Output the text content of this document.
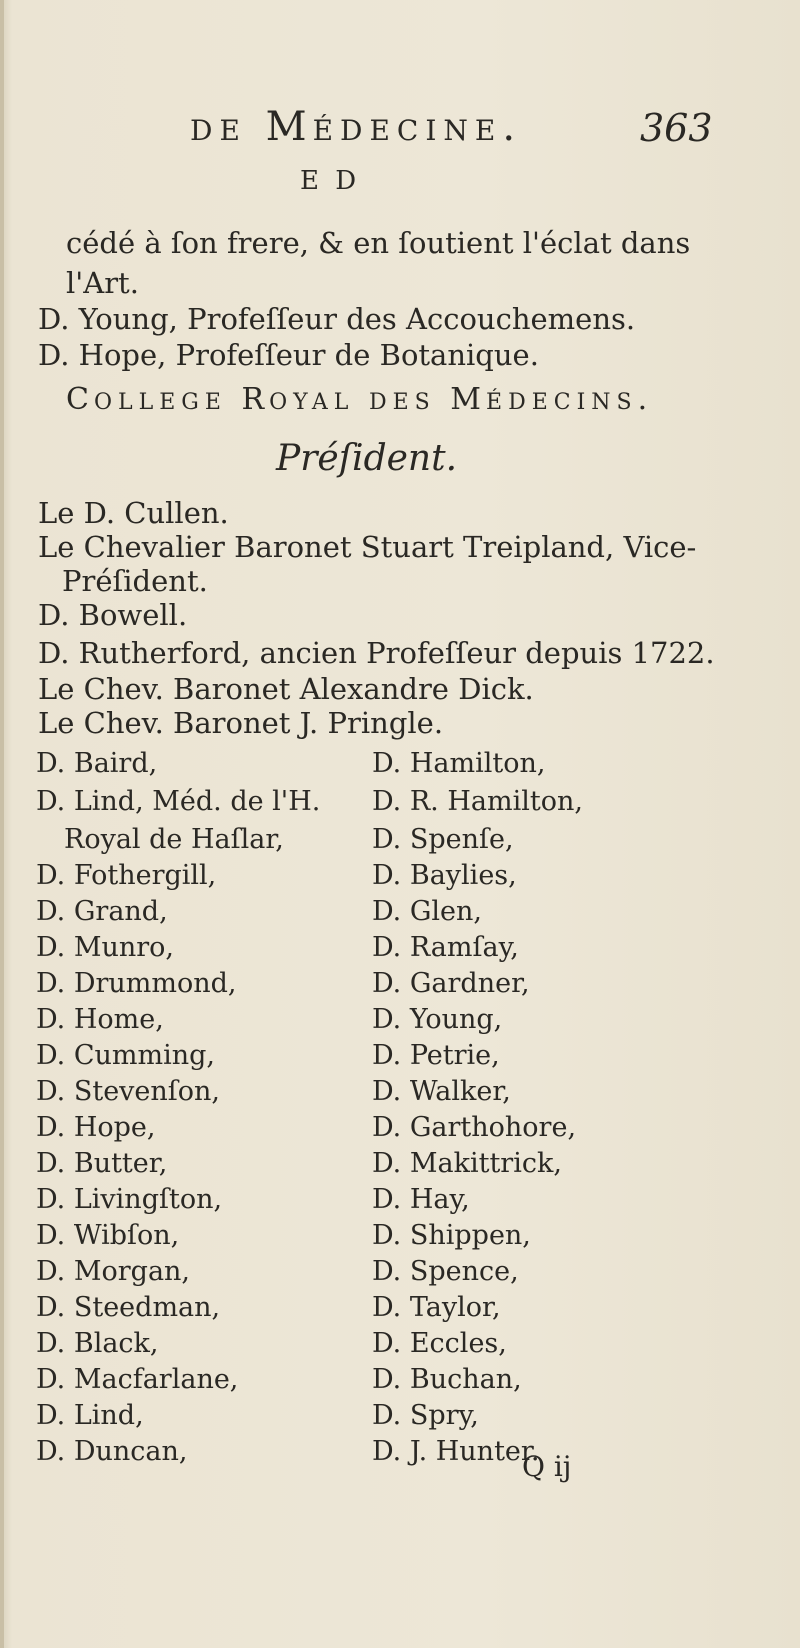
DE MÉDECINE.	363
E D
cédé à ſon frere, & en ſoutient l'éclat dans
l'Art.
D. Young, Profeſſeur des Accouchemens.
D. Hope, Profeſſeur de Botanique.
COLLEGE ROYAL DES MÉDECINS.
Préſident.
Le D. Cullen.
Le Chevalier Baronet Stuart Treipland, Vice-
Préſident.
D. Bowell.
D. Rutherford, ancien Profeſſeur depuis 1722.
Le Chev. Baronet Alexandre Dick.
Le Chev. Baronet J. Pringle.
D. Baird,
D. Lind, Méd. de l'H.
Royal de Haſlar,
D. Fothergill,
D. Grand,
D. Munro,
D. Drummond,
D. Home,
D. Cumming,
D. Stevenſon,
D. Hope,
D. Butter,
D. Livingſton,
D. Wibſon,
D. Morgan,
D. Steedman,
D. Black,
D. Macfarlane,
D. Lind,
D. Duncan,
D. Hamilton,
D. R. Hamilton,
D. Spenſe,
D. Baylies,
D. Glen,
D. Ramſay,
D. Gardner,
D. Young,
D. Petrie,
D. Walker,
D. Garthohore,
D. Makittrick,
D. Hay,
D. Shippen,
D. Spence,
D. Taylor,
D. Eccles,
D. Buchan,
D. Spry,
D. J. Hunter.
Q ij
